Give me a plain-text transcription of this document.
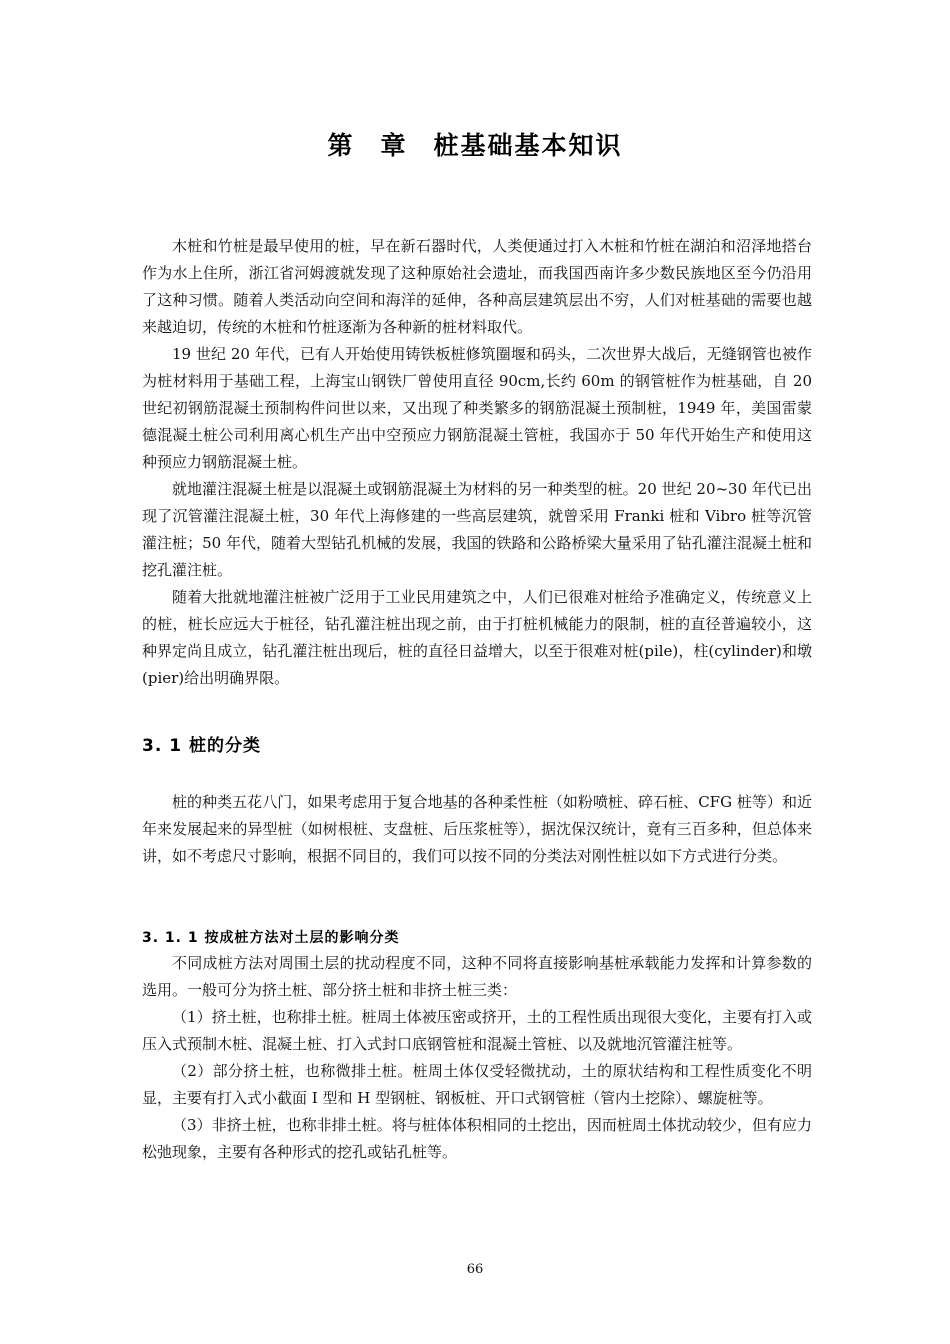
第 章 桩基础基本知识

木桩和竹桩是最早使用的桩，早在新石器时代，人类便通过打入木桩和竹桩在湖泊和沼泽地搭台作为水上住所，浙江省河姆渡就发现了这种原始社会遗址，而我国西南许多少数民族地区至今仍沿用了这种习惯。随着人类活动向空间和海洋的延伸，各种高层建筑层出不穷，人们对桩基础的需要也越来越迫切，传统的木桩和竹桩逐渐为各种新的桩材料取代。

19 世纪 20 年代，已有人开始使用铸铁板桩修筑圈堰和码头，二次世界大战后，无缝钢管也被作为桩材料用于基础工程，上海宝山钢铁厂曾使用直径 90cm,长约 60m 的钢管桩作为桩基础，自 20 世纪初钢筋混凝土预制构件问世以来，又出现了种类繁多的钢筋混凝土预制桩，1949 年，美国雷蒙德混凝土桩公司利用离心机生产出中空预应力钢筋混凝土管桩，我国亦于 50 年代开始生产和使用这种预应力钢筋混凝土桩。

就地灌注混凝土桩是以混凝土或钢筋混凝土为材料的另一种类型的桩。20 世纪 20~30 年代已出现了沉管灌注混凝土桩，30 年代上海修建的一些高层建筑，就曾采用 Franki 桩和 Vibro 桩等沉管灌注桩；50 年代，随着大型钻孔机械的发展，我国的铁路和公路桥梁大量采用了钻孔灌注混凝土桩和挖孔灌注桩。

随着大批就地灌注桩被广泛用于工业民用建筑之中，人们已很难对桩给予准确定义，传统意义上的桩，桩长应远大于桩径，钻孔灌注桩出现之前，由于打桩机械能力的限制，桩的直径普遍较小，这种界定尚且成立，钻孔灌注桩出现后，桩的直径日益增大，以至于很难对桩(pile)，柱(cylinder)和墩(pier)给出明确界限。

3. 1 桩的分类

桩的种类五花八门，如果考虑用于复合地基的各种柔性桩（如粉喷桩、碎石桩、CFG 桩等）和近年来发展起来的异型桩（如树根桩、支盘桩、后压浆桩等），据沈保汉统计，竟有三百多种，但总体来讲，如不考虑尺寸影响，根据不同目的，我们可以按不同的分类法对刚性桩以如下方式进行分类。

3. 1. 1 按成桩方法对土层的影响分类

不同成桩方法对周围土层的扰动程度不同，这种不同将直接影响基桩承载能力发挥和计算参数的选用。一般可分为挤土桩、部分挤土桩和非挤土桩三类：

（1）挤土桩，也称排土桩。桩周土体被压密或挤开，土的工程性质出现很大变化，主要有打入或压入式预制木桩、混凝土桩、打入式封口底钢管桩和混凝土管桩、以及就地沉管灌注桩等。

（2）部分挤土桩，也称微排土桩。桩周土体仅受轻微扰动，土的原状结构和工程性质变化不明显，主要有打入式小截面 I 型和 H 型钢桩、钢板桩、开口式钢管桩（管内土挖除）、螺旋桩等。

（3）非挤土桩，也称非排土桩。将与桩体体积相同的土挖出，因而桩周土体扰动较少，但有应力松弛现象，主要有各种形式的挖孔或钻孔桩等。

66
